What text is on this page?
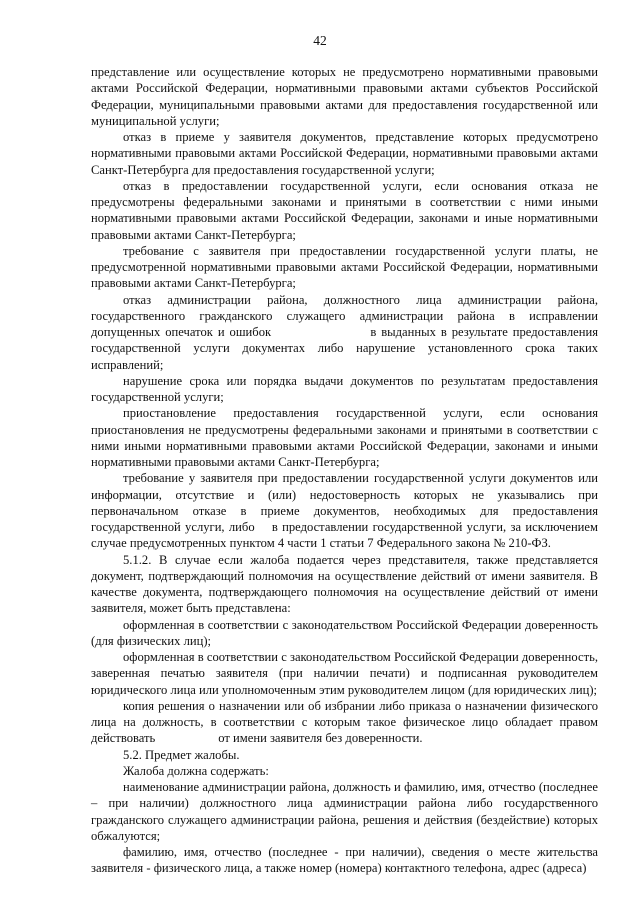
42

представление или осуществление которых не предусмотрено нормативными правовыми актами Российской Федерации, нормативными правовыми актами субъектов Российской Федерации, муниципальными правовыми актами для предоставления государственной или муниципальной услуги;

отказ в приеме у заявителя документов, представление которых предусмотрено нормативными правовыми актами Российской Федерации, нормативными правовыми актами Санкт-Петербурга для предоставления государственной услуги;

отказ в предоставлении государственной услуги, если основания отказа не предусмотрены федеральными законами и принятыми в соответствии с ними иными нормативными правовыми актами Российской Федерации, законами и иные нормативными правовыми актами Санкт-Петербурга;

требование с заявителя при предоставлении государственной услуги платы, не предусмотренной нормативными правовыми актами Российской Федерации, нормативными правовыми актами Санкт-Петербурга;

отказ администрации района, должностного лица администрации района, государственного гражданского служащего администрации района в исправлении допущенных опечаток и ошибок                    в выданных в результате предоставления государственной услуги документах либо нарушение установленного срока таких исправлений;

нарушение срока или порядка выдачи документов по результатам предоставления государственной услуги;

приостановление предоставления государственной услуги, если основания приостановления не предусмотрены федеральными законами и принятыми в соответствии с ними иными нормативными правовыми актами Российской Федерации, законами и иными нормативными правовыми актами Санкт-Петербурга;

требование у заявителя при предоставлении государственной услуги документов или информации, отсутствие и (или) недостоверность которых не указывались при первоначальном отказе в приеме документов, необходимых для предоставления государственной услуги, либо    в предоставлении государственной услуги, за исключением случае предусмотренных пунктом 4 части 1 статьи 7 Федерального закона № 210-ФЗ.

5.1.2. В случае если жалоба подается через представителя, также представляется документ, подтверждающий полномочия на осуществление действий от имени заявителя. В качестве документа, подтверждающего полномочия на осуществление действий от имени заявителя, может быть представлена:

оформленная в соответствии с законодательством Российской Федерации доверенность (для физических лиц);

оформленная в соответствии с законодательством Российской Федерации доверенность, заверенная печатью заявителя (при наличии печати) и подписанная руководителем юридического лица или уполномоченным этим руководителем лицом (для юридических лиц);

копия решения о назначении или об избрании либо приказа о назначении физического лица на должность, в соответствии с которым такое физическое лицо обладает правом действовать                    от имени заявителя без доверенности.

5.2. Предмет жалобы.

Жалоба должна содержать:

наименование администрации района, должность и фамилию, имя, отчество (последнее – при наличии) должностного лица администрации района либо государственного гражданского служащего администрации района, решения и действия (бездействие) которых обжалуются;

фамилию, имя, отчество (последнее - при наличии), сведения о месте жительства заявителя - физического лица, а также номер (номера) контактного телефона, адрес (адреса)
